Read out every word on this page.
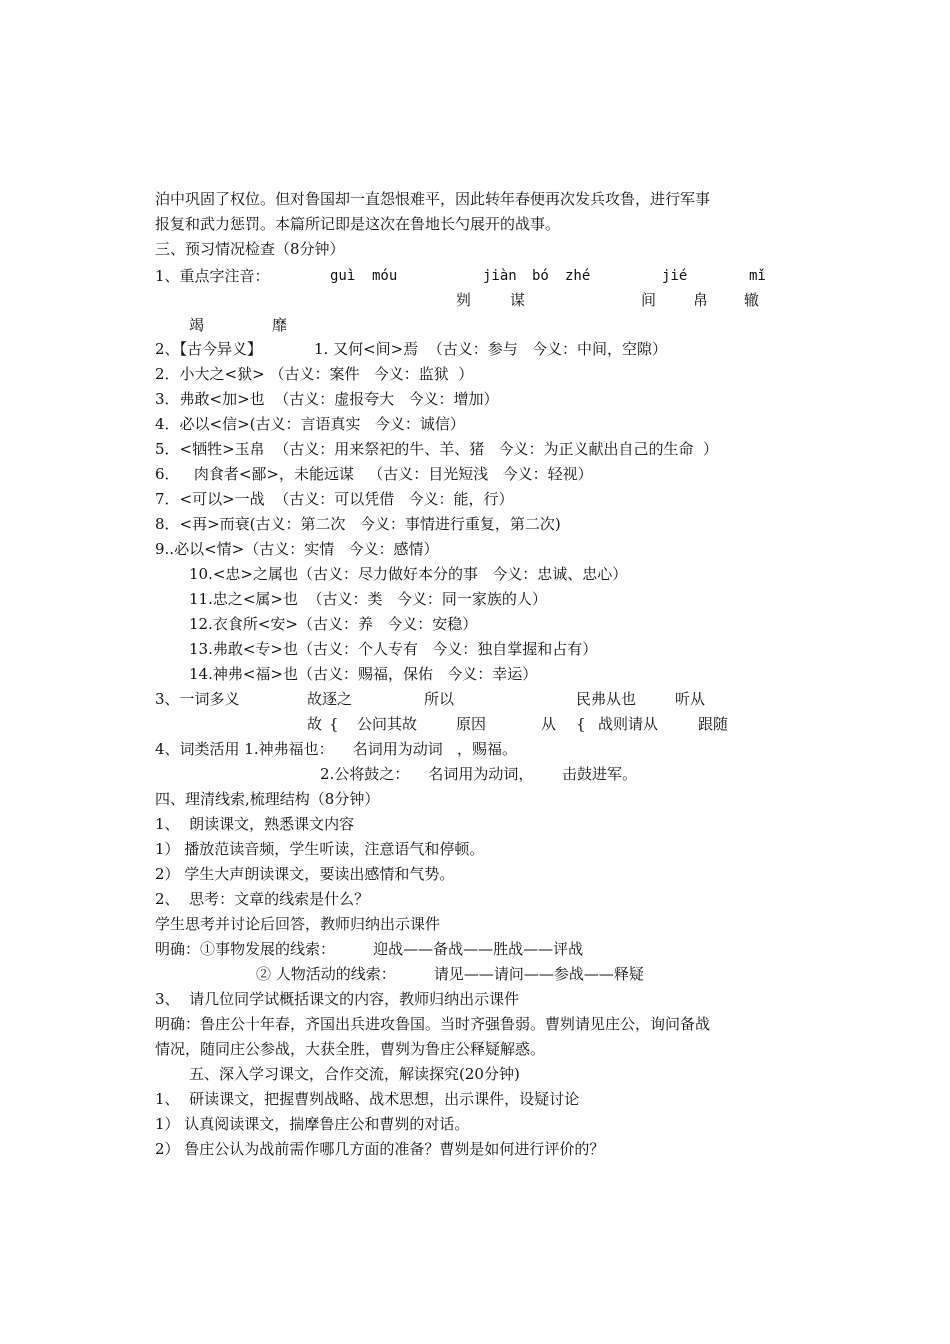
泊中巩固了权位。但对鲁国却一直怨恨难平，因此转年春便再次发兵攻鲁，进行军事
报复和武力惩罚。本篇所记即是这次在鲁地长勺展开的战事。
三、预习情况检查（8分钟）
1、重点字注音：	guì móu	jiàn bó zhé	jié	mǐ
刿	谋	间 帛 辙
竭	靡
2、【古今异义】	1. 又何<间>焉  （古义：参与   今义：中间，空隙）
2．小大之<狱> （古义：案件   今义：监狱  ）
3．弗敢<加>也  （古义：虚报夸大   今义：增加）
4．必以<信>(古义：言语真实   今义：诚信）
5．<牺牲>玉帛  （古义：用来祭祀的牛、羊、猪   今义：为正义献出自己的生命  ）
6．   肉食者<鄙>，未能远谋   （古义：目光短浅   今义：轻视）
7．<可以>一战  （古义：可以凭借   今义：能，行）
8．<再>而衰(古义：第二次   今义：事情进行重复，第二次)
9..必以<情>（古义：实情   今义：感情）
10.<忠>之属也（古义：尽力做好本分的事   今义：忠诚、忠心）
11.忠之<属>也  （古义：类   今义：同一家族的人）
12.衣食所<安>（古义：养   今义：安稳）
13.弗敢<专>也（古义：个人专有   今义：独自掌握和占有）
14.神弗<福>也（古义：赐福，保佑   今义：幸运）
3、一词多义	故逐之	所以	民弗从也	听从
故 { 公问其故	原因	从 { 战则请从	跟随
4、词类活用 1.神弗福也：    名词用为动词   ，赐福。
2.公将鼓之：    名词用为动词，      击鼓进军。
四、理清线索,梳理结构（8分钟）
1、  朗读课文，熟悉课文内容
1） 播放范读音频，学生听读，注意语气和停顿。
2） 学生大声朗读课文，要读出感情和气势。
2、  思考：文章的线索是什么？
学生思考并讨论后回答，教师归纳出示课件
明确：①事物发展的线索：        迎战——备战——胜战——评战
② 人物活动的线索：        请见——请问——参战——释疑
3、  请几位同学试概括课文的内容，教师归纳出示课件
明确：鲁庄公十年春，齐国出兵进攻鲁国。当时齐强鲁弱。曹刿请见庄公，询问备战
情况，随同庄公参战，大获全胜，曹刿为鲁庄公释疑解惑。
五、深入学习课文，合作交流，解读探究(20分钟)
1、  研读课文，把握曹刿战略、战术思想，出示课件，设疑讨论
1） 认真阅读课文，揣摩鲁庄公和曹刿的对话。
2） 鲁庄公认为战前需作哪几方面的准备？曹刿是如何进行评价的？
